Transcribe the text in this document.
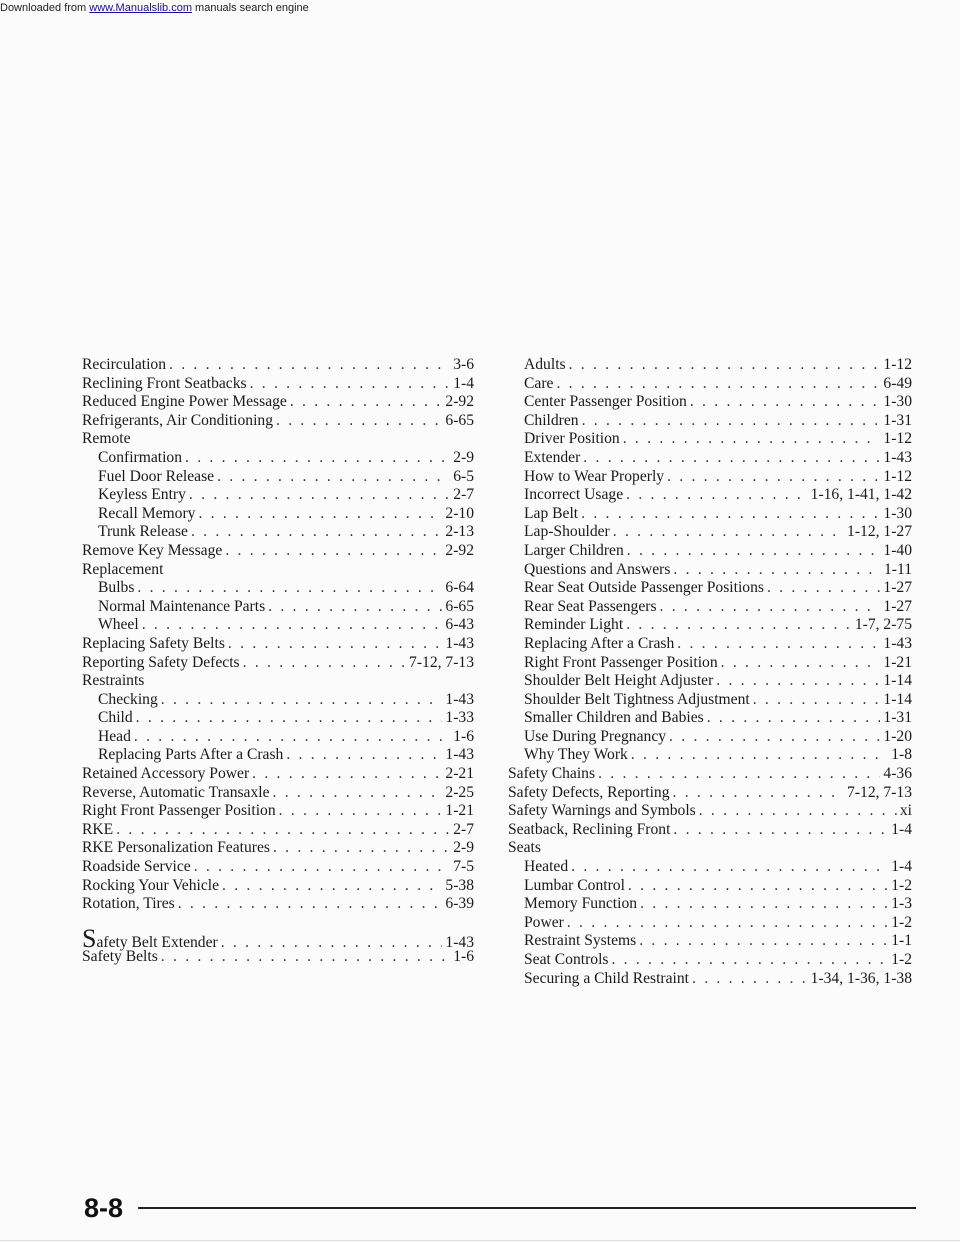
Downloaded from www.Manualslib.com manuals search engine
Recirculation . . .	3-6
Reclining Front Seatbacks . . .	1-4
Reduced Engine Power Message . . .	2-92
Refrigerants, Air Conditioning . . .	6-65
Remote
Confirmation . . .	2-9
Fuel Door Release . . .	6-5
Keyless Entry . . .	2-7
Recall Memory . . .	2-10
Trunk Release . . .	2-13
Remove Key Message . . .	2-92
Replacement
Bulbs . . .	6-64
Normal Maintenance Parts . . .	6-65
Wheel . . .	6-43
Replacing Safety Belts . . .	1-43
Reporting Safety Defects . . .	7-12, 7-13
Restraints
Checking . . .	1-43
Child . . .	1-33
Head . . .	1-6
Replacing Parts After a Crash . . .	1-43
Retained Accessory Power . . .	2-21
Reverse, Automatic Transaxle . . .	2-25
Right Front Passenger Position . . .	1-21
RKE . . .	2-7
RKE Personalization Features . . .	2-9
Roadside Service . . .	7-5
Rocking Your Vehicle . . .	5-38
Rotation, Tires . . .	6-39
Safety Belt Extender . . .	1-43
Safety Belts . . .	1-6
Adults . . .	1-12
Care . . .	6-49
Center Passenger Position . . .	1-30
Children . . .	1-31
Driver Position . . .	1-12
Extender . . .	1-43
How to Wear Properly . . .	1-12
Incorrect Usage . . .	1-16, 1-41, 1-42
Lap Belt . . .	1-30
Lap-Shoulder . . .	1-12, 1-27
Larger Children . . .	1-40
Questions and Answers . . .	1-11
Rear Seat Outside Passenger Positions . . .	1-27
Rear Seat Passengers . . .	1-27
Reminder Light . . .	1-7, 2-75
Replacing After a Crash . . .	1-43
Right Front Passenger Position . . .	1-21
Shoulder Belt Height Adjuster . . .	1-14
Shoulder Belt Tightness Adjustment . . .	1-14
Smaller Children and Babies . . .	1-31
Use During Pregnancy . . .	1-20
Why They Work . . .	1-8
Safety Chains . . .	4-36
Safety Defects, Reporting . . .	7-12, 7-13
Safety Warnings and Symbols . . .	xi
Seatback, Reclining Front . . .	1-4
Seats
Heated . . .	1-4
Lumbar Control . . .	1-2
Memory Function . . .	1-3
Power . . .	1-2
Restraint Systems . . .	1-1
Seat Controls . . .	1-2
Securing a Child Restraint . . .	1-34, 1-36, 1-38
8-8
